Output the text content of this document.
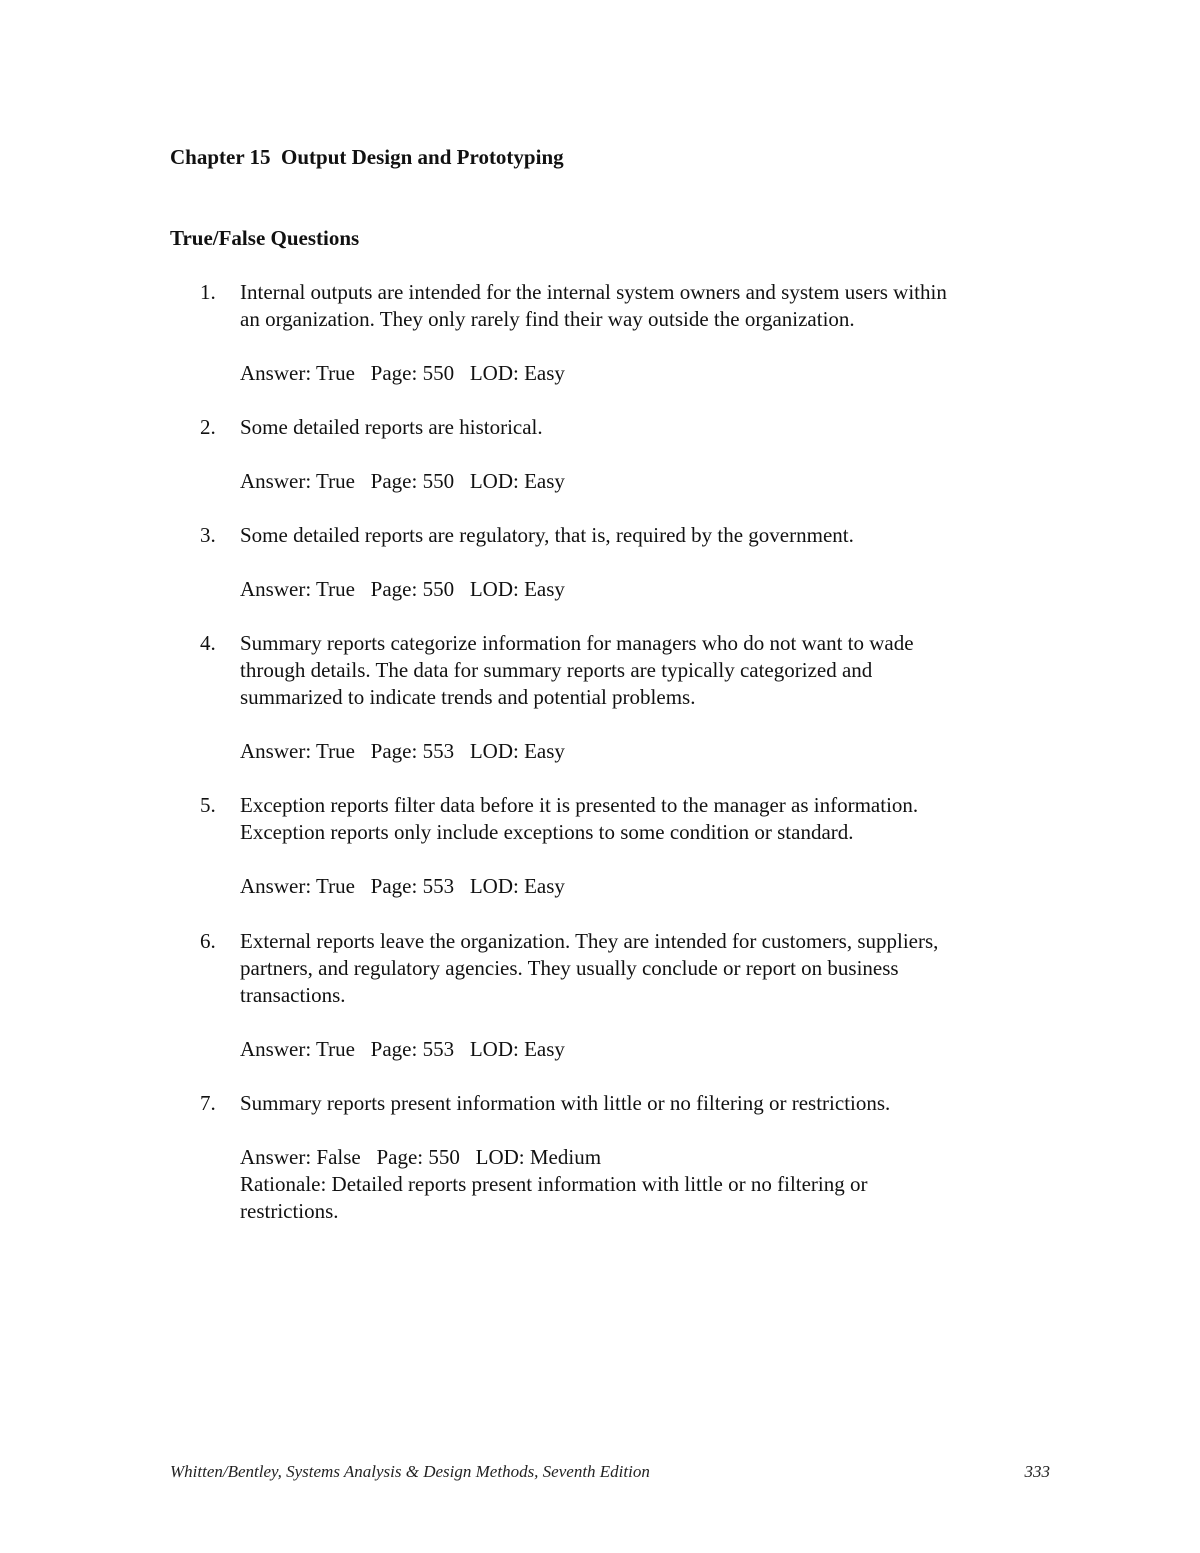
Chapter 15  Output Design and Prototyping
True/False Questions
1.	Internal outputs are intended for the internal system owners and system users within
an organization. They only rarely find their way outside the organization.
Answer: True   Page: 550   LOD: Easy
2.	Some detailed reports are historical.
Answer: True   Page: 550   LOD: Easy
3.	Some detailed reports are regulatory, that is, required by the government.
Answer: True   Page: 550   LOD: Easy
4.	Summary reports categorize information for managers who do not want to wade
through details. The data for summary reports are typically categorized and
summarized to indicate trends and potential problems.
Answer: True   Page: 553   LOD: Easy
5.	Exception reports filter data before it is presented to the manager as information.
Exception reports only include exceptions to some condition or standard.
Answer: True   Page: 553   LOD: Easy
6.	External reports leave the organization. They are intended for customers, suppliers,
partners, and regulatory agencies. They usually conclude or report on business
transactions.
Answer: True   Page: 553   LOD: Easy
7.	Summary reports present information with little or no filtering or restrictions.
Answer: False   Page: 550   LOD: Medium
Rationale: Detailed reports present information with little or no filtering or
restrictions.
Whitten/Bentley, Systems Analysis & Design Methods, Seventh Edition	333
